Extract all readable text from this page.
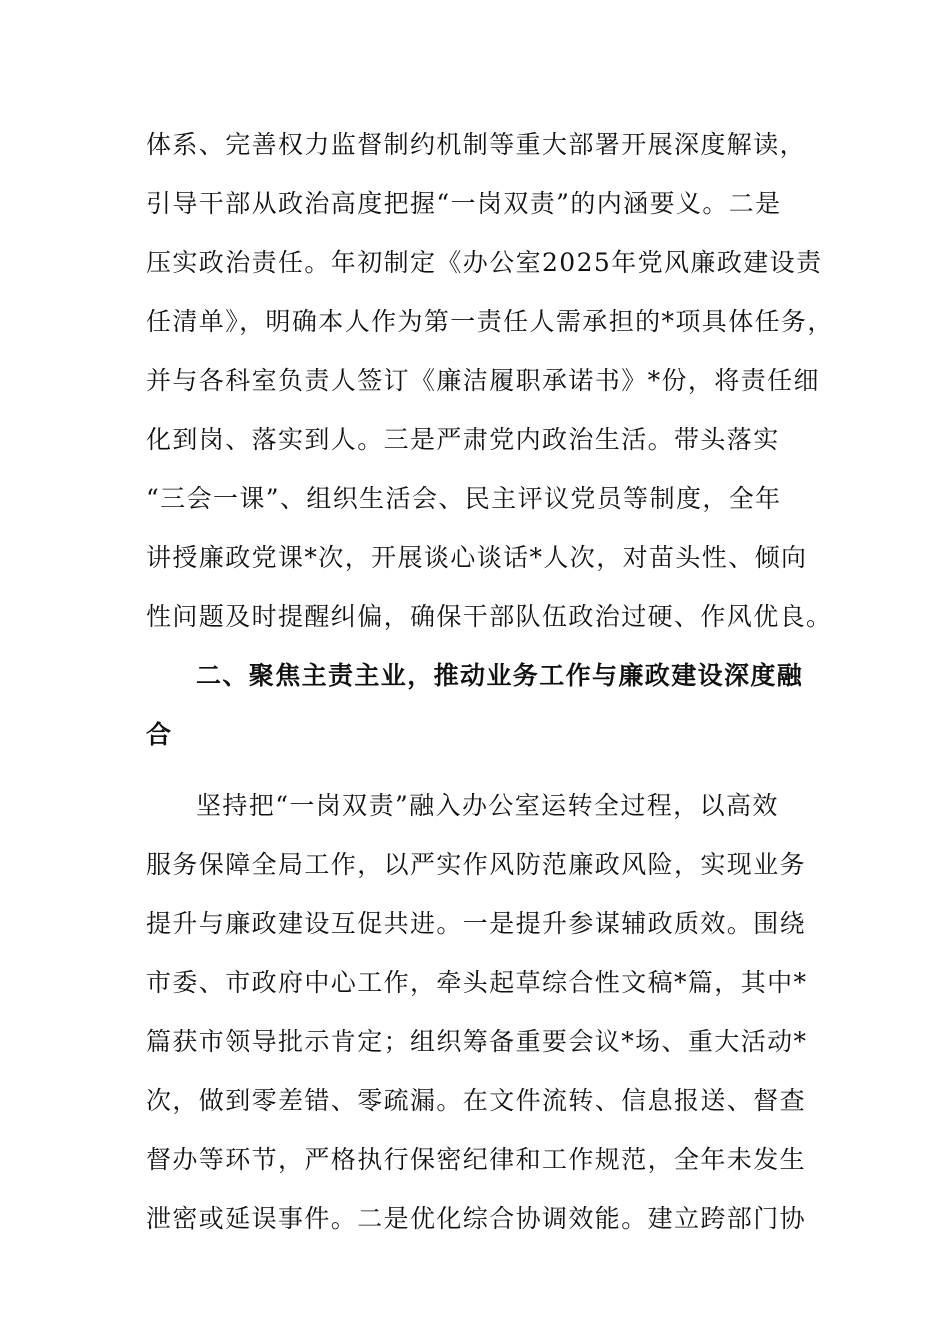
体系、完善权力监督制约机制等重大部署开展深度解读，
引导干部从政治高度把握“一岗双责”的内涵要义。二是
压实政治责任。年初制定《办公室2025年党风廉政建设责
任清单》，明确本人作为第一责任人需承担的*项具体任务，
并与各科室负责人签订《廉洁履职承诺书》*份，将责任细
化到岗、落实到人。三是严肃党内政治生活。带头落实
“三会一课”、组织生活会、民主评议党员等制度，全年
讲授廉政党课*次，开展谈心谈话*人次，对苗头性、倾向
性问题及时提醒纠偏，确保干部队伍政治过硬、作风优良。
二、聚焦主责主业，推动业务工作与廉政建设深度融
合
坚持把“一岗双责”融入办公室运转全过程，以高效
服务保障全局工作，以严实作风防范廉政风险，实现业务
提升与廉政建设互促共进。一是提升参谋辅政质效。围绕
市委、市政府中心工作，牵头起草综合性文稿*篇，其中*
篇获市领导批示肯定；组织筹备重要会议*场、重大活动*
次，做到零差错、零疏漏。在文件流转、信息报送、督查
督办等环节，严格执行保密纪律和工作规范，全年未发生
泄密或延误事件。二是优化综合协调效能。建立跨部门协
